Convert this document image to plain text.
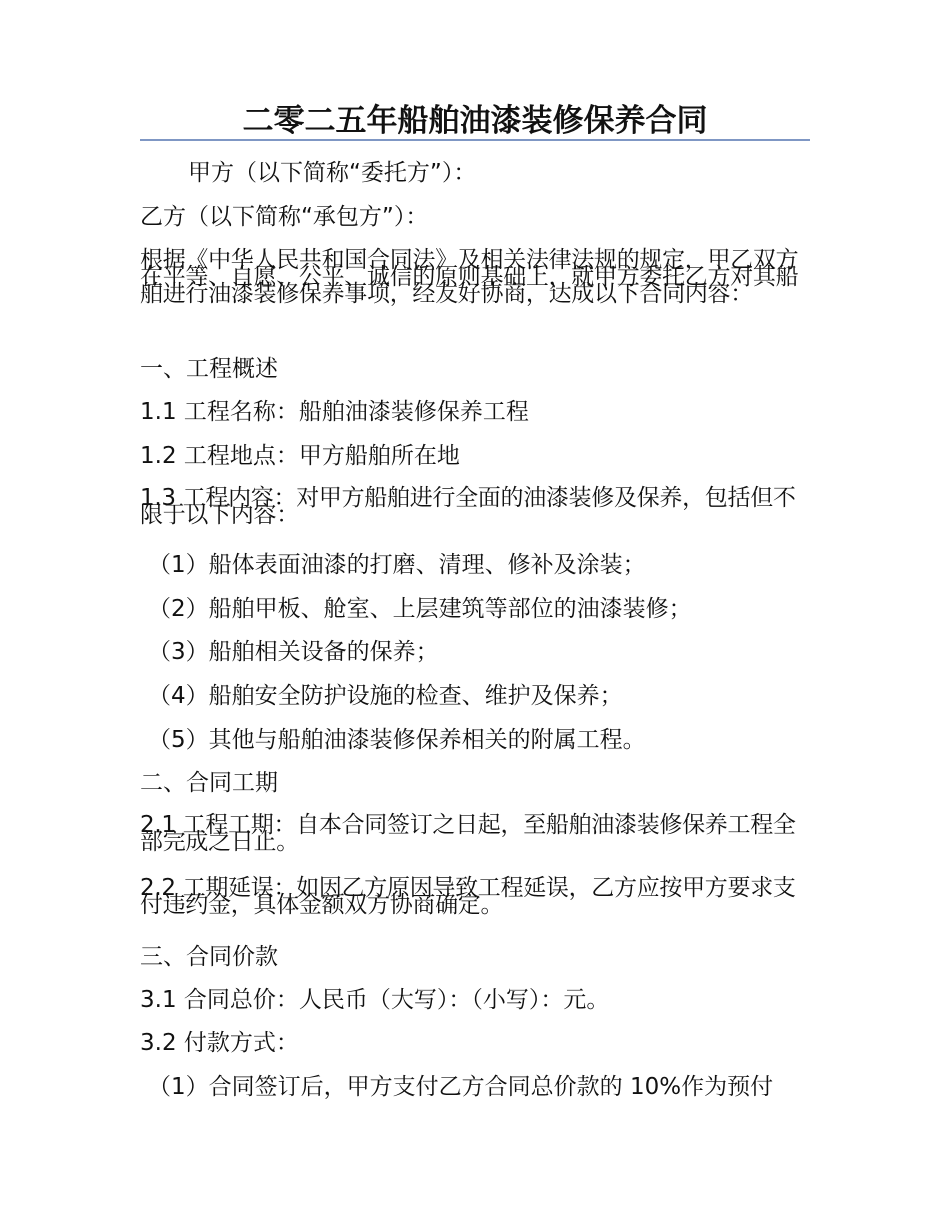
二零二五年船舶油漆装修保养合同

甲方（以下简称“委托方”）：

乙方（以下简称“承包方”）：

根据《中华人民共和国合同法》及相关法律法规的规定，甲乙双方在平等、自愿、公平、诚信的原则基础上，就甲方委托乙方对其船舶进行油漆装修保养事项，经友好协商，达成以下合同内容：

一、工程概述

1.1 工程名称：船舶油漆装修保养工程

1.2 工程地点：甲方船舶所在地

1.3 工程内容：对甲方船舶进行全面的油漆装修及保养，包括但不限于以下内容：

（1）船体表面油漆的打磨、清理、修补及涂装；

（2）船舶甲板、舱室、上层建筑等部位的油漆装修；

（3）船舶相关设备的保养；

（4）船舶安全防护设施的检查、维护及保养；

（5）其他与船舶油漆装修保养相关的附属工程。

二、合同工期

2.1 工程工期：自本合同签订之日起，至船舶油漆装修保养工程全部完成之日止。

2.2 工期延误：如因乙方原因导致工程延误，乙方应按甲方要求支付违约金，具体金额双方协商确定。

三、合同价款

3.1 合同总价：人民币（大写）：（小写）：元。

3.2 付款方式：

（1）合同签订后，甲方支付乙方合同总价款的 10%作为预付
